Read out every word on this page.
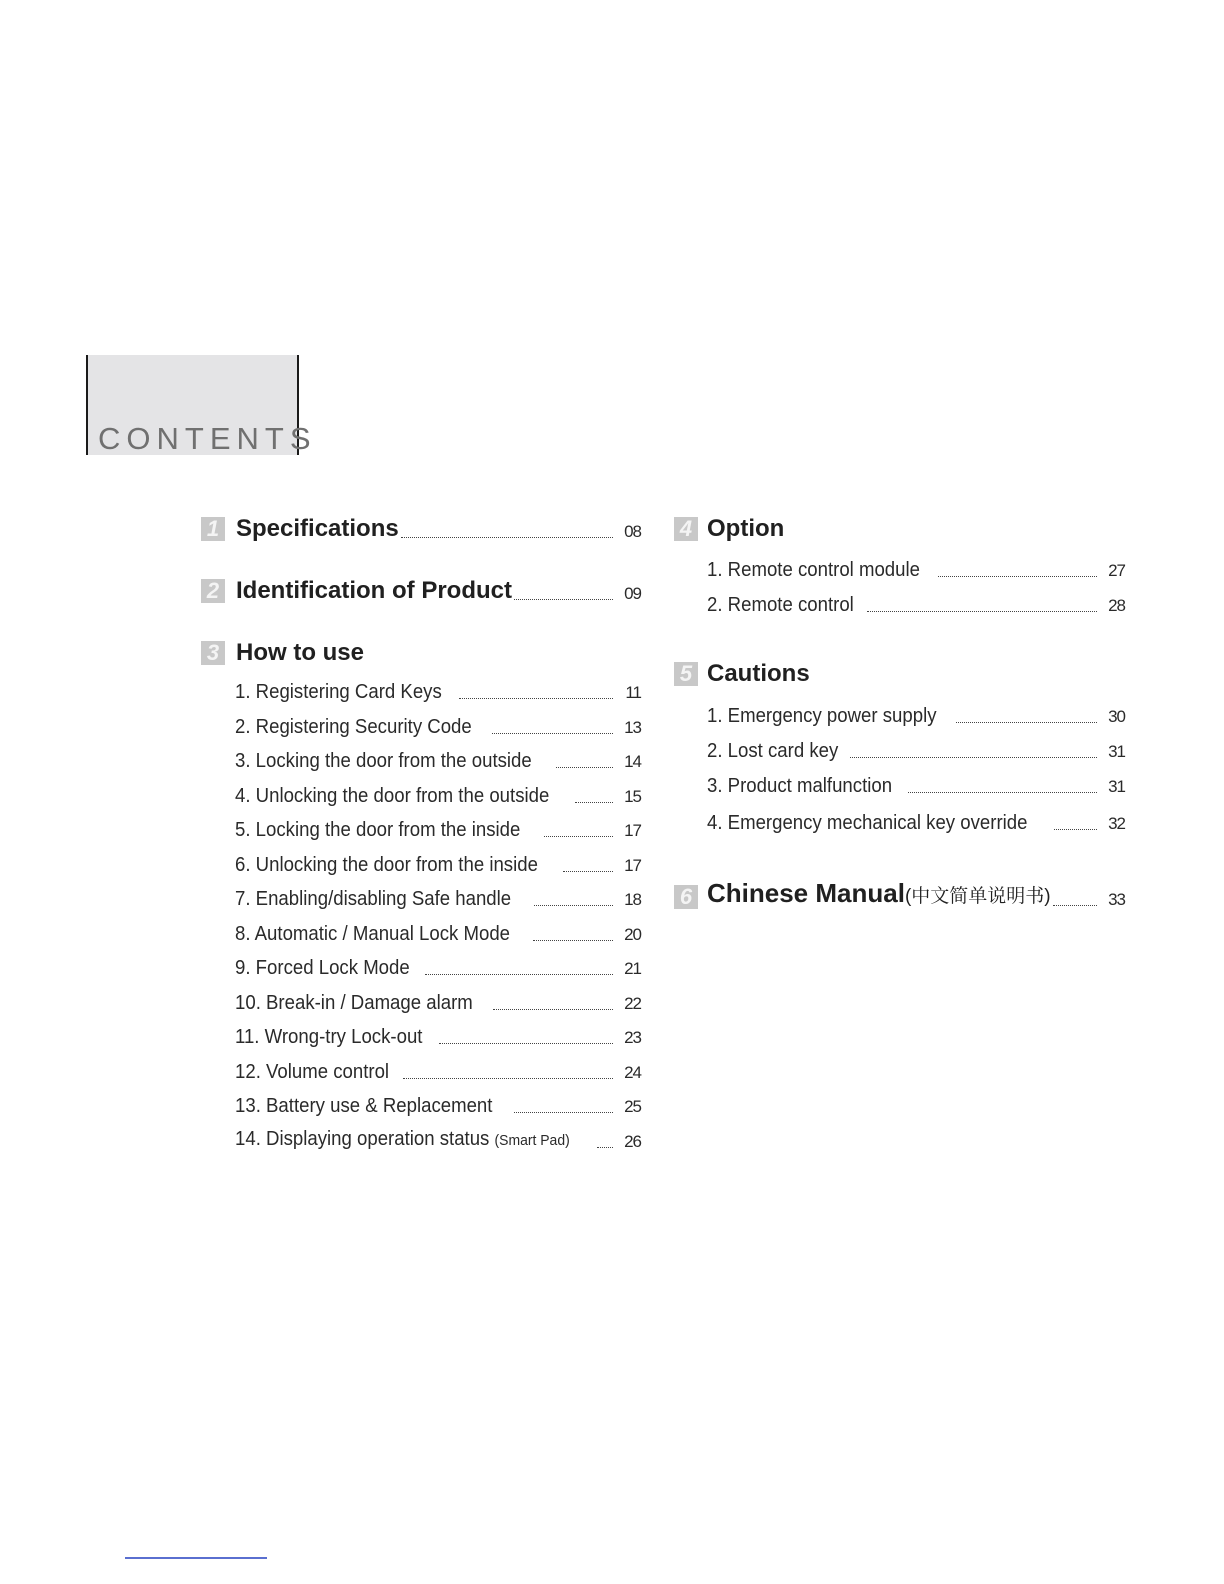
CONTENTS
1 Specifications	08
2 Identification of Product	09
3 How to use
1. Registering Card Keys	11
2. Registering Security Code	13
3. Locking the door from the outside	14
4. Unlocking the door from the outside	15
5. Locking the door from the inside	17
6. Unlocking the door from the inside	17
7. Enabling/disabling Safe handle	18
8. Automatic / Manual Lock Mode	20
9. Forced Lock Mode	21
10. Break-in / Damage alarm	22
11. Wrong-try Lock-out	23
12. Volume control	24
13. Battery use & Replacement	25
14. Displaying operation status (Smart Pad)	26
4 Option
1. Remote control module	27
2. Remote control	28
5 Cautions
1. Emergency power supply	30
2. Lost card key	31
3. Product malfunction	31
4. Emergency mechanical key override	32
6 Chinese Manual(中文简单说明书)	33
